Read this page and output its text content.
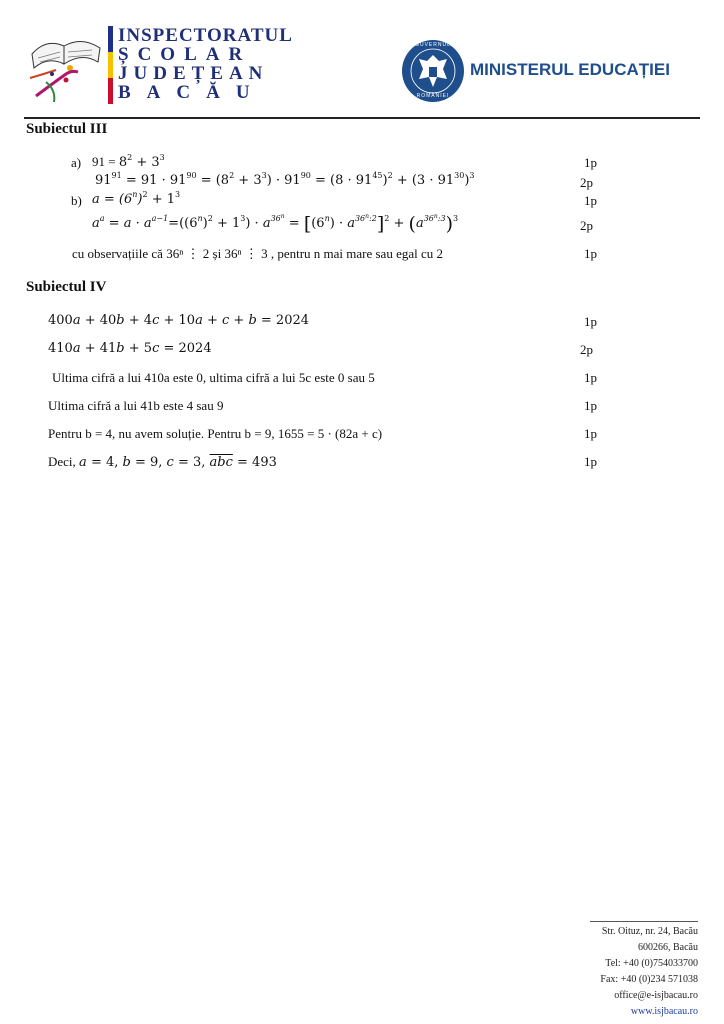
INSPECTORATUL
ȘCOLAR
JUDEȚEAN
BACĂU
GUVERNUL
ROMÂNIEI
MINISTERUL EDUCAȚIEI
Subiectul III
a) $91 = 8^2 + 3^3$	1p
$91^{91} = 91 \cdot 91^{90} = (8^2 + 3^3) \cdot 91^{90} = (8 \cdot 91^{45})^2 + (3 \cdot 91^{30})^3$	2p
b) $a = (6^n)^2 + 1^3$	1p
$a^a = a \cdot a^{a-1}=((6^n)^2 + 1^3) \cdot a^{36^n} = [(6^n) \cdot a^{36^n:2}]^2 + (a^{36^n:3})^3$	2p
cu observațiile că 36ⁿ ⋮ 2 și 36ⁿ ⋮ 3 , pentru n mai mare sau egal cu 2	1p
Subiectul IV
400a + 40b + 4c + 10a + c + b = 2024	1p
410a + 41b + 5c = 2024	2p
Ultima cifră a lui 410a este 0, ultima cifră a lui 5c este 0 sau 5	1p
Ultima cifră a lui 41b este 4 sau 9	1p
Pentru b = 4, nu avem soluție. Pentru b = 9, 1655 = 5 · (82a + c)	1p
Deci, a = 4, b = 9, c = 3, $\overline{abc} = 493$	1p
Str. Oituz, nr. 24, Bacău
600266, Bacău
Tel: +40 (0)754033700
Fax: +40 (0)234 571038
office@e-isjbacau.ro
www.isjbacau.ro
